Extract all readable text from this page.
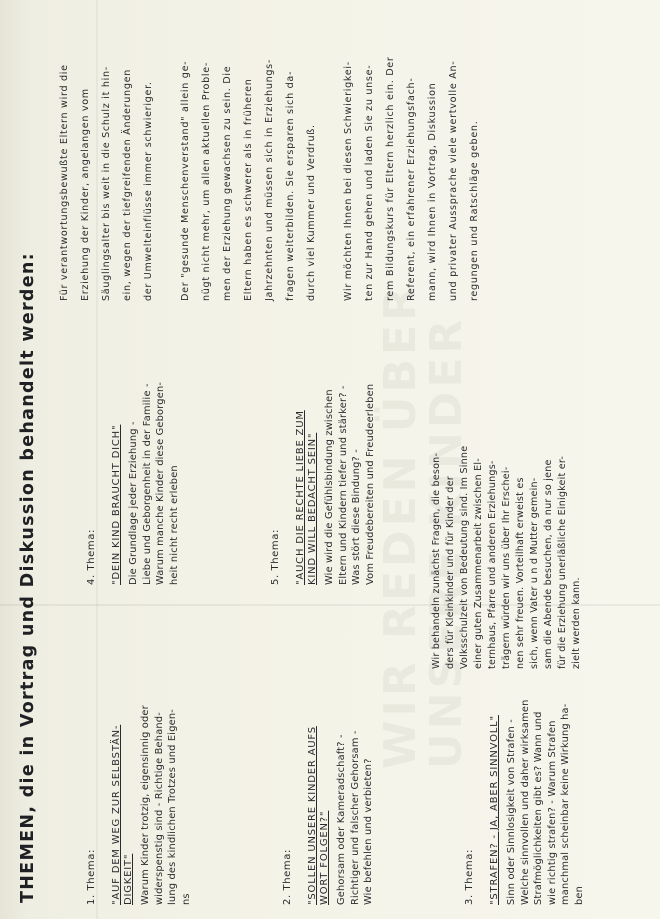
THEMEN, die in Vortrag und Diskussion behandelt werden:	1. Thema: "AUF DEM WEG ZUR SELBSTÄN- DIGKEIT" Warum Kinder trotzig, eigensinnig oder widerspenstig sind - Richtige Behand- lung des kindlichen Trotzes und Eigen- ns	2. Thema: "SOLLEN UNSERE KINDER AUFS WORT FOLGEN?" Gehorsam oder Kameradschaft? - Richtiger und falscher Gehorsam - Wie befehlen und verbieten?	3. Thema: "STRAFEN? - JA, ABER SINNVOLL" Sinn oder Sinnlosigkeit von Strafen - Welche sinnvollen und daher wirksamen Strafmöglichkeiten gibt es? Wann und wie richtig strafen? - Warum Strafen manchmal scheinbar keine Wirkung ha- ben
4. Thema: "DEIN KIND BRAUCHT DICH" Die Grundlage jeder Erziehung - Liebe und Geborgenheit in der Familie - Warum manche Kinder diese Geborgen- heit nicht recht erleben	5. Thema: "AUCH DIE RECHTE LIEBE ZUM KIND WILL BEDACHT SEIN" Wie wird die Gefühlsbindung zwischen Eltern und Kindern tiefer und stärker? - Was stört diese Bindung? - Vom Freudebereiten und Freudeerleben
Für verantwortungsbewußte Eltern wird die	Erziehung der Kinder, angelangen vom	Säuglingsalter bis weit in die Schulz it hin-	ein, wegen der tiefgreifenden Änderungen	der Umwelteinflüsse immer schwieriger.	Der "gesunde Menschenverstand" allein ge-	nügt nicht mehr, um allen aktuellen Proble-	men der Erziehung gewachsen zu sein. Die	Eltern haben es schwerer als in früheren	Jahrzehnten und müssen sich in Erziehungs-	fragen weiterbilden. Sie ersparen sich da-	durch viel Kummer und Verdruß.	Wir möchten Ihnen bei diesen Schwierigkei-	ten zur Hand gehen und laden Sie zu unse-	rem Bildungskurs für Eltern herzlich ein. Der	Referent, ein erfahrener Erziehungsfach-	mann, wird Ihnen in Vortrag, Diskussion	und privater Aussprache viele wertvolle An-	regungen und Ratschläge geben.
Wir behandeln zunächst Fragen, die beson- ders für Kleinkinder und für Kinder der Volksschulzeit von Bedeutung sind. Im Sinne einer guten Zusammenarbeit zwischen El- ternhaus, Pfarre und anderen Erziehungs- trägern würden wir uns über Ihr Erschei- nen sehr freuen. Vorteilhaft erweist es sich, wenn Vater u n d Mutter gemein- sam die Abende besuchen, da nur so jene für die Erziehung unerläßliche Einigkeit er- zielt werden kann.
